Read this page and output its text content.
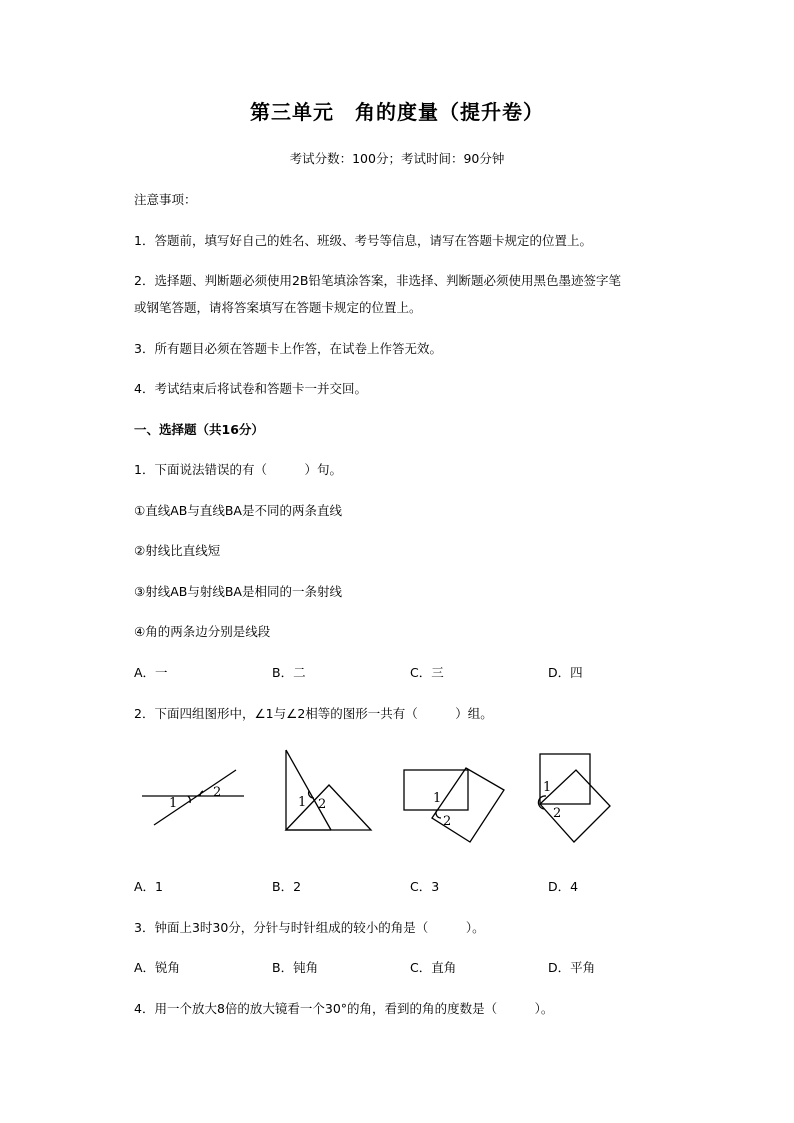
第三单元　角的度量（提升卷）
考试分数：100分；考试时间：90分钟
注意事项：
1．答题前，填写好自己的姓名、班级、考号等信息，请写在答题卡规定的位置上。
2．选择题、判断题必须使用2B铅笔填涂答案，非选择、判断题必须使用黑色墨迹签字笔
或钢笔答题，请将答案填写在答题卡规定的位置上。
3．所有题目必须在答题卡上作答，在试卷上作答无效。
4．考试结束后将试卷和答题卡一并交回。
一、选择题（共16分）
1．下面说法错误的有（　　　）句。
①直线AB与直线BA是不同的两条直线
②射线比直线短
③射线AB与射线BA是相同的一条射线
④角的两条边分别是线段
A．一	B．二	C．三	D．四
2．下面四组图形中，∠1与∠2相等的图形一共有（　　　）组。
1
2
1 2	1
2
1
2
A．1	B．2	C．3	D．4
3．钟面上3时30分，分针与时针组成的较小的角是（　　　）。
A．锐角	B．钝角	C．直角	D．平角
4．用一个放大8倍的放大镜看一个30°的角，看到的角的度数是（　　　）。
